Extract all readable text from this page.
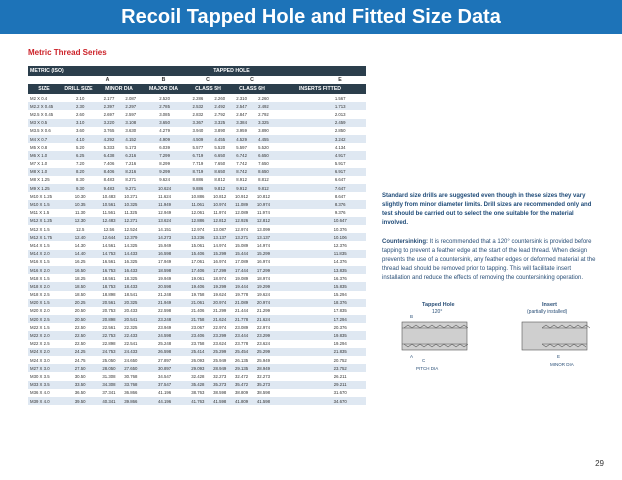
Recoil Tapped Hole and Fitted Size Data
Metric Thread Series
METRIC (ISO)	TAPPED HOLE
A	B	C	C	E
SIZE	DRILL SIZE	MINOR DIA	MAJOR DIA	CLASS 5H	CLASS 6H	INSERTS FITTED
M2 X 0.4	2.10	2.177	2.087	2.520	2.286	2.260	2.310	2.260	1.567
M2.2 X 0.45	2.30	2.397	2.297	2.785	2.532	2.492	2.547	2.492	1.713
M2.5 X 0.45	2.60	2.697	2.597	3.085	2.832	2.792	2.847	2.792	2.013
M3 X 0.5	3.10	3.220	3.108	3.650	3.367	3.325	3.384	3.325	2.459
M3.5 X 0.6	3.60	3.765	3.630	4.279	3.940	3.890	3.959	3.890	2.850
M4 X 0.7	4.10	4.292	4.152	4.909	4.509	4.455	4.529	4.455	3.242
M5 X 0.8	5.20	5.333	5.173	6.039	5.577	5.520	5.597	5.520	4.134
M6 X 1.0	6.25	6.438	6.216	7.299	6.719	6.650	6.742	6.650	4.917
M7 X 1.0	7.20	7.406	7.216	8.299	7.719	7.650	7.742	7.650	5.917
M8 X 1.0	8.20	8.406	8.216	9.299	8.719	8.650	8.742	8.650	6.917
M8 X 1.25	8.30	8.483	8.271	9.624	8.886	8.812	8.912	8.812	6.647
M9 X 1.25	9.30	9.483	9.271	10.624	9.886	9.812	9.912	9.812	7.647
M10 X 1.25	10.30	10.483	10.271	11.624	10.886	10.812	10.912	10.812	8.647
M10 X 1.5	10.35	10.561	10.325	11.949	11.061	10.974	11.089	10.974	8.376
M11 X 1.5	11.30	11.561	11.325	12.949	12.061	11.974	12.089	11.974	9.376
M12 X 1.25	12.30	12.483	12.271	13.624	12.886	12.812	12.926	12.812	10.647
M12 X 1.5	12.5	12.56	12.524	14.151	12.974	13.087	12.974	13.099	10.376
M12 X 1.75	12.40	12.644	12.379	14.273	13.236	13.137	13.271	13.137	10.106
M14 X 1.5	14.30	14.561	14.325	15.949	15.061	14.974	15.089	14.974	12.376
M14 X 2.0	14.40	14.753	14.433	16.598	15.406	15.299	15.444	15.299	11.835
M16 X 1.5	16.25	16.561	16.325	17.949	17.061	16.974	17.089	16.974	14.376
M16 X 2.0	16.50	16.753	16.433	18.598	17.406	17.299	17.444	17.299	13.835
M18 X 1.5	18.25	18.561	18.325	19.949	19.061	18.974	19.089	18.974	16.376
M18 X 2.0	18.50	18.753	18.433	20.598	19.406	19.299	19.444	19.299	15.835
M18 X 2.5	18.50	18.898	18.541	21.248	19.758	19.624	19.778	19.624	15.294
M20 X 1.5	20.25	20.561	20.325	21.949	21.061	20.974	21.089	20.974	18.376
M20 X 2.0	20.50	20.753	20.433	22.598	21.406	21.299	21.444	21.299	17.835
M20 X 2.5	20.50	20.898	20.541	23.248	21.758	21.624	21.778	21.624	17.294
M22 X 1.5	22.50	22.561	22.325	23.949	23.067	22.974	23.089	22.974	20.376
M22 X 2.0	22.50	22.753	22.433	24.598	23.406	23.299	23.444	23.299	19.835
M22 X 2.5	22.50	22.898	22.541	25.248	23.758	23.624	23.778	23.624	19.294
M24 X 2.0	24.25	24.753	24.433	26.598	25.414	25.299	25.454	25.299	21.835
M24 X 3.0	24.75	25.050	24.650	27.897	26.093	25.949	26.135	25.949	20.752
M27 X 3.0	27.50	28.050	27.650	30.897	29.093	28.949	29.135	28.949	23.752
M30 X 3.5	30.50	31.308	30.768	34.547	32.428	32.273	32.472	32.273	26.211
M33 X 3.5	33.50	34.308	33.768	37.547	35.428	35.273	35.472	35.273	29.211
M36 X 4.0	36.50	37.341	36.866	41.196	38.763	38.598	38.809	38.598	31.670
M39 X 4.0	39.50	40.341	39.866	44.196	41.763	41.598	41.809	41.598	34.670
Standard size drills are suggested even though in these sizes they vary slightly from minor diameter limits. Drill sizes are recommended only and test should be carried out to select the one suitable for the material involved.
Countersinking: It is recommended that a 120° countersink is provided before tapping to prevent a feather edge at the start of the lead thread. When design prevents the use of a countersink, any feather edges or deformed material at the thread lead should be removed prior to tapping. This will facilitate insert installation and reduce the effects of removing the countersinking operation.
Tapped Hole
120°
Insert
(partially installed)
A
B
C
PITCH DIA
E
MINOR DIA
29
